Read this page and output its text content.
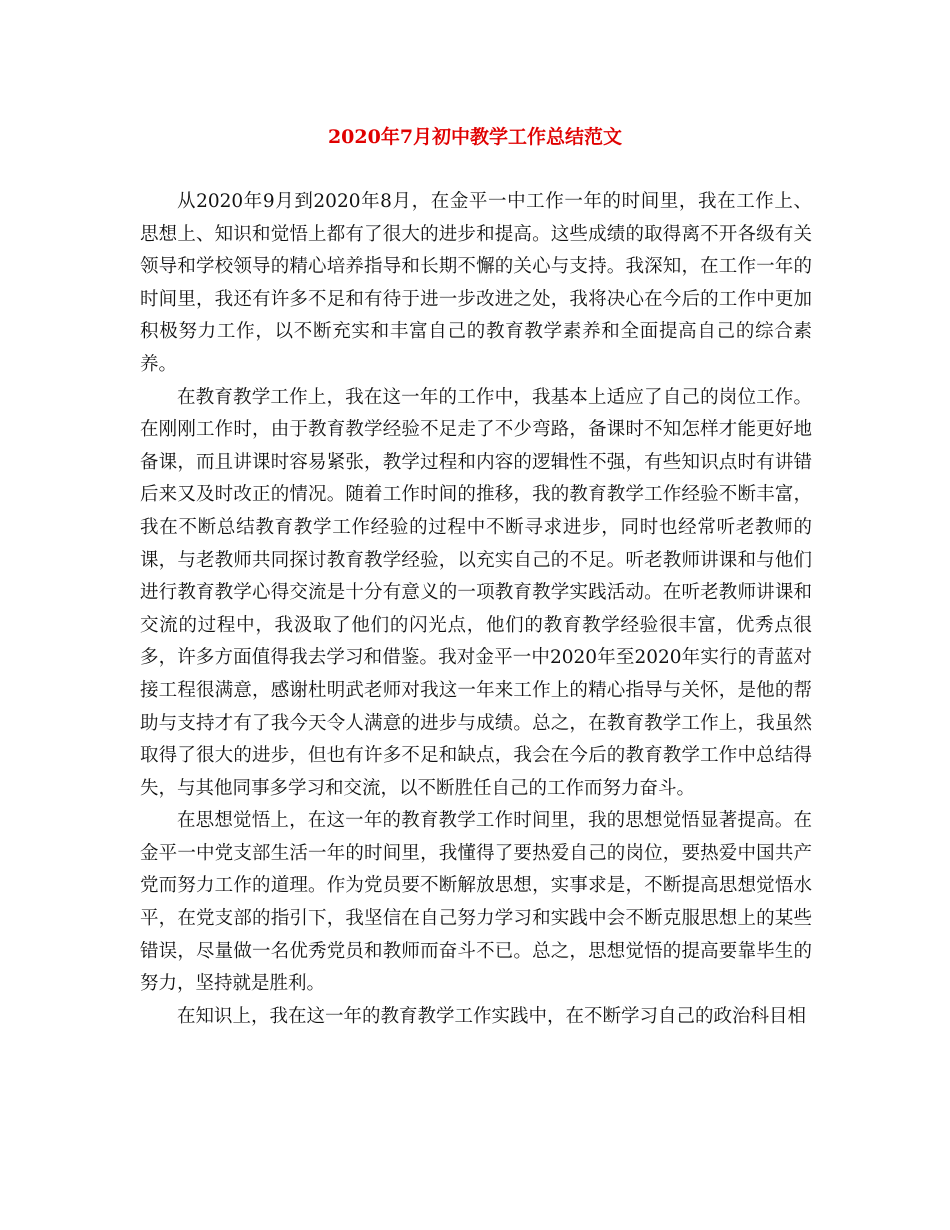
2020年7月初中教学工作总结范文

从2020年9月到2020年8月，在金平一中工作一年的时间里，我在工作上、思想上、知识和觉悟上都有了很大的进步和提高。这些成绩的取得离不开各级有关领导和学校领导的精心培养指导和长期不懈的关心与支持。我深知，在工作一年的时间里，我还有许多不足和有待于进一步改进之处，我将决心在今后的工作中更加积极努力工作，以不断充实和丰富自己的教育教学素养和全面提高自己的综合素养。

在教育教学工作上，我在这一年的工作中，我基本上适应了自己的岗位工作。在刚刚工作时，由于教育教学经验不足走了不少弯路，备课时不知怎样才能更好地备课，而且讲课时容易紧张，教学过程和内容的逻辑性不强，有些知识点时有讲错后来又及时改正的情况。随着工作时间的推移，我的教育教学工作经验不断丰富，我在不断总结教育教学工作经验的过程中不断寻求进步，同时也经常听老教师的课，与老教师共同探讨教育教学经验，以充实自己的不足。听老教师讲课和与他们进行教育教学心得交流是十分有意义的一项教育教学实践活动。在听老教师讲课和交流的过程中，我汲取了他们的闪光点，他们的教育教学经验很丰富，优秀点很多，许多方面值得我去学习和借鉴。我对金平一中2020年至2020年实行的青蓝对接工程很满意，感谢杜明武老师对我这一年来工作上的精心指导与关怀，是他的帮助与支持才有了我今天令人满意的进步与成绩。总之，在教育教学工作上，我虽然取得了很大的进步，但也有许多不足和缺点，我会在今后的教育教学工作中总结得失，与其他同事多学习和交流，以不断胜任自己的工作而努力奋斗。

在思想觉悟上，在这一年的教育教学工作时间里，我的思想觉悟显著提高。在金平一中党支部生活一年的时间里，我懂得了要热爱自己的岗位，要热爱中国共产党而努力工作的道理。作为党员要不断解放思想，实事求是，不断提高思想觉悟水平，在党支部的指引下，我坚信在自己努力学习和实践中会不断克服思想上的某些错误，尽量做一名优秀党员和教师而奋斗不已。总之，思想觉悟的提高要靠毕生的努力，坚持就是胜利。

在知识上，我在这一年的教育教学工作实践中，在不断学习自己的政治科目相
